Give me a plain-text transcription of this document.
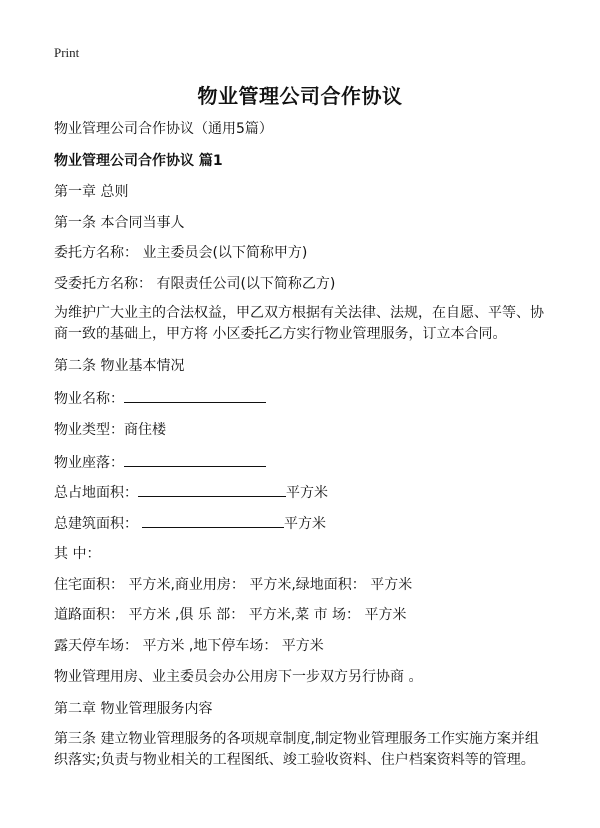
Print
物业管理公司合作协议
物业管理公司合作协议（通用5篇）
物业管理公司合作协议 篇1
第一章 总则
第一条 本合同当事人
委托方名称： 业主委员会(以下简称甲方)
受委托方名称： 有限责任公司(以下简称乙方)
为维护广大业主的合法权益，甲乙双方根据有关法律、法规，在自愿、平等、协商一致的基础上，甲方将 小区委托乙方实行物业管理服务，订立本合同。
第二条 物业基本情况
物业名称：
物业类型：商住楼
物业座落：
总占地面积：	平方米
总建筑面积：	平方米
其 中：
住宅面积： 平方米,商业用房： 平方米,绿地面积： 平方米
道路面积： 平方米 ,俱 乐 部： 平方米,菜 市 场： 平方米
露天停车场： 平方米 ,地下停车场： 平方米
物业管理用房、业主委员会办公用房下一步双方另行协商 。
第二章 物业管理服务内容
第三条 建立物业管理服务的各项规章制度,制定物业管理服务工作实施方案并组织落实;负责与物业相关的工程图纸、竣工验收资料、住户档案资料等的管理。
